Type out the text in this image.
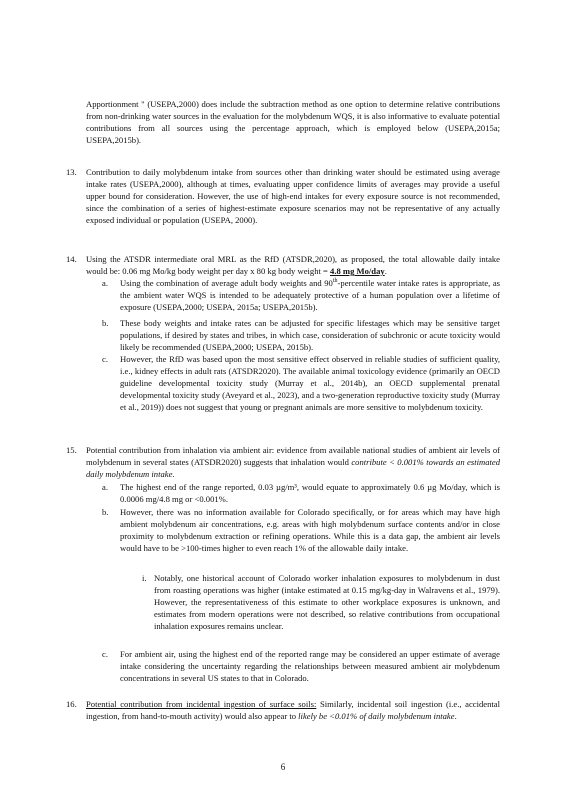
Apportionment " (USEPA,2000) does include the subtraction method as one option to determine relative contributions from non-drinking water sources in the evaluation for the molybdenum WQS, it is also informative to evaluate potential contributions from all sources using the percentage approach, which is employed below (USEPA,2015a; USEPA,2015b).

13. Contribution to daily molybdenum intake from sources other than drinking water should be estimated using average intake rates (USEPA,2000), although at times, evaluating upper confidence limits of averages may provide a useful upper bound for consideration. However, the use of high-end intakes for every exposure source is not recommended, since the combination of a series of highest-estimate exposure scenarios may not be representative of any actually exposed individual or population (USEPA, 2000).

14. Using the ATSDR intermediate oral MRL as the RfD (ATSDR,2020), as proposed, the total allowable daily intake would be: 0.06 mg Mo/kg body weight per day x 80 kg body weight = 4.8 mg Mo/day.

a. Using the combination of average adult body weights and 90th-percentile water intake rates is appropriate, as the ambient water WQS is intended to be adequately protective of a human population over a lifetime of exposure (USEPA,2000; USEPA, 2015a; USEPA,2015b).

b. These body weights and intake rates can be adjusted for specific lifestages which may be sensitive target populations, if desired by states and tribes, in which case, consideration of subchronic or acute toxicity would likely be recommended (USEPA,2000; USEPA, 2015b).

c. However, the RfD was based upon the most sensitive effect observed in reliable studies of sufficient quality, i.e., kidney effects in adult rats (ATSDR2020). The available animal toxicology evidence (primarily an OECD guideline developmental toxicity study (Murray et al., 2014b), an OECD supplemental prenatal developmental toxicity study (Aveyard et al., 2023), and a two-generation reproductive toxicity study (Murray et al., 2019)) does not suggest that young or pregnant animals are more sensitive to molybdenum toxicity.

15. Potential contribution from inhalation via ambient air: evidence from available national studies of ambient air levels of molybdenum in several states (ATSDR2020) suggests that inhalation would contribute < 0.001% towards an estimated daily molybdenum intake.

a. The highest end of the range reported, 0.03 µg/m³, would equate to approximately 0.6 µg Mo/day, which is 0.0006 mg/4.8 mg or <0.001%.

b. However, there was no information available for Colorado specifically, or for areas which may have high ambient molybdenum air concentrations, e.g. areas with high molybdenum surface contents and/or in close proximity to molybdenum extraction or refining operations. While this is a data gap, the ambient air levels would have to be >100-times higher to even reach 1% of the allowable daily intake.

i. Notably, one historical account of Colorado worker inhalation exposures to molybdenum in dust from roasting operations was higher (intake estimated at 0.15 mg/kg-day in Walravens et al., 1979). However, the representativeness of this estimate to other workplace exposures is unknown, and estimates from modern operations were not described, so relative contributions from occupational inhalation exposures remains unclear.

c. For ambient air, using the highest end of the reported range may be considered an upper estimate of average intake considering the uncertainty regarding the relationships between measured ambient air molybdenum concentrations in several US states to that in Colorado.

16. Potential contribution from incidental ingestion of surface soils: Similarly, incidental soil ingestion (i.e., accidental ingestion, from hand-to-mouth activity) would also appear to likely be <0.01% of daily molybdenum intake.

6
